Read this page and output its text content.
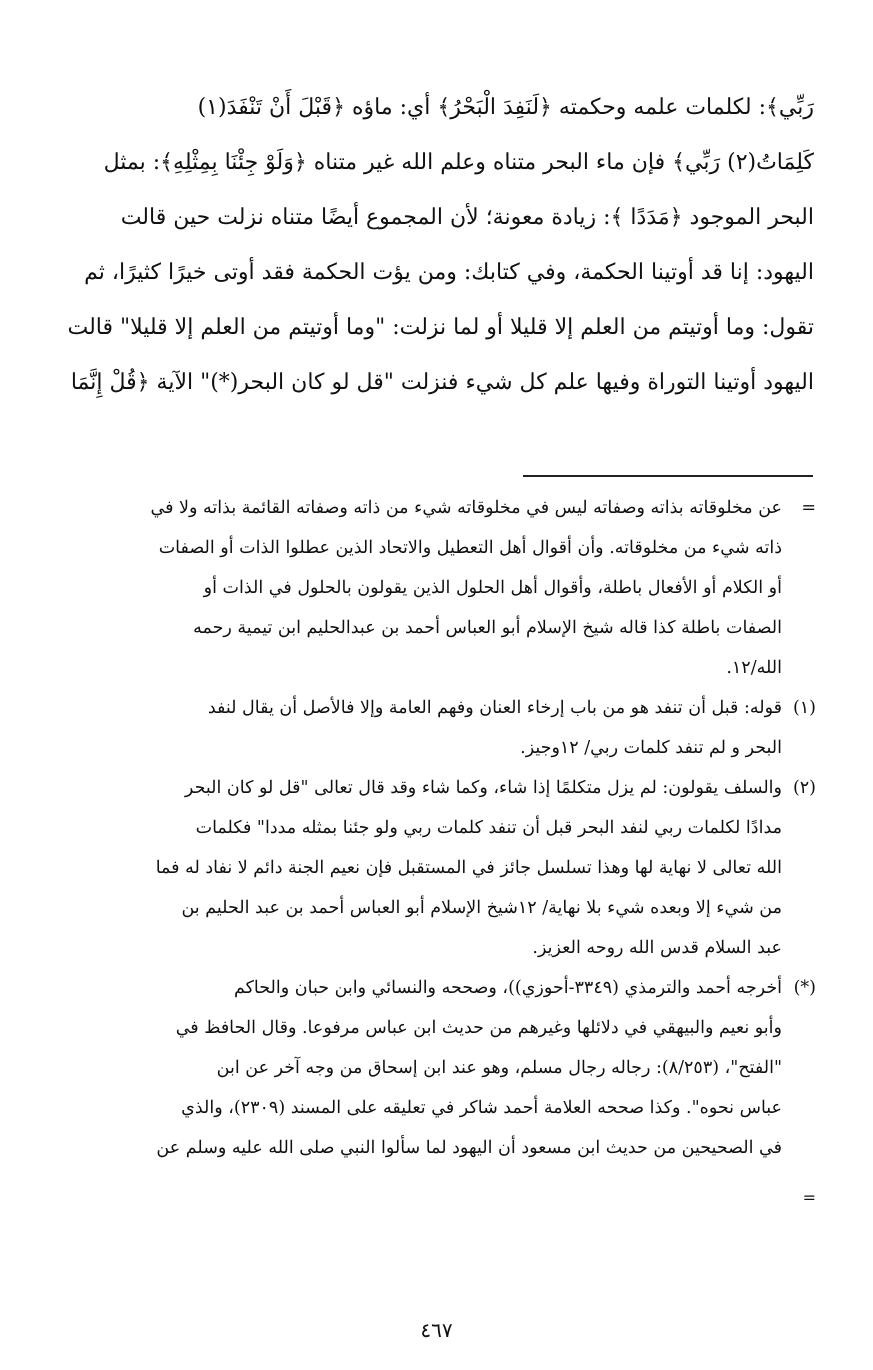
رَبِّي﴾: لكلمات علمه وحكمته ﴿لَنَفِدَ الْبَحْرُ﴾ أي: ماؤه ﴿قَبْلَ أَنْ تَنْفَدَ(١)
كَلِمَاتُ(٢) رَبِّي﴾ فإن ماء البحر متناه وعلم الله غير متناه ﴿وَلَوْ جِئْنَا بِمِثْلِهِ﴾: بمثل
البحر الموجود ﴿مَدَدًا ﴾: زيادة معونة؛ لأن المجموع أيضًا متناه نزلت حين قالت
اليهود: إنا قد أوتينا الحكمة، وفي كتابك: ومن يؤت الحكمة فقد أوتى خيرًا كثيرًا، ثم
تقول: وما أوتيتم من العلم إلا قليلا أو لما نزلت: "وما أوتيتم من العلم إلا قليلا" قالت
اليهود أوتينا التوراة وفيها علم كل شيء فنزلت "قل لو كان البحر(*)" الآية ﴿قُلْ إِنَّمَا
=
عن مخلوقاته بذاته وصفاته ليس في مخلوقاته شيء من ذاته وصفاته القائمة بذاته ولا في
ذاته شيء من مخلوقاته. وأن أقوال أهل التعطيل والاتحاد الذين عطلوا الذات أو الصفات
أو الكلام أو الأفعال باطلة، وأقوال أهل الحلول الذين يقولون بالحلول في الذات أو
الصفات باطلة كذا قاله شيخ الإسلام أبو العباس أحمد بن عبدالحليم ابن تيمية رحمه
الله/١٢.
(١)
قوله: قبل أن تنفد هو من باب إرخاء العنان وفهم العامة وإلا فالأصل أن يقال لنفد
البحر و لم تنفد كلمات ربي/ ١٢وجيز.
(٢)
والسلف يقولون: لم يزل متكلمًا إذا شاء، وكما شاء وقد قال تعالى "قل لو كان البحر
مدادًا لكلمات ربي لنفد البحر قبل أن تنفد كلمات ربي ولو جئنا بمثله مددا" فكلمات
الله تعالى لا نهاية لها وهذا تسلسل جائز في المستقبل فإن نعيم الجنة دائم لا نفاد له فما
من شيء إلا وبعده شيء بلا نهاية/ ١٢شيخ الإسلام أبو العباس أحمد بن عبد الحليم بن
عبد السلام قدس الله روحه العزيز.
(*)
أخرجه أحمد والترمذي (٣٣٤٩-أحوزي))، وصححه والنسائي وابن حبان والحاكم
وأبو نعيم والبيهقي في دلائلها وغيرهم من حديث ابن عباس مرفوعا. وقال الحافظ في
"الفتح"، (٨/٢٥٣): رجاله رجال مسلم، وهو عند ابن إسحاق من وجه آخر عن ابن
عباس نحوه". وكذا صححه العلامة أحمد شاكر في تعليقه على المسند (٢٣٠٩)، والذي
في الصحيحين من حديث ابن مسعود أن اليهود لما سألوا النبي صلى الله عليه وسلم عن
=
٤٦٧
